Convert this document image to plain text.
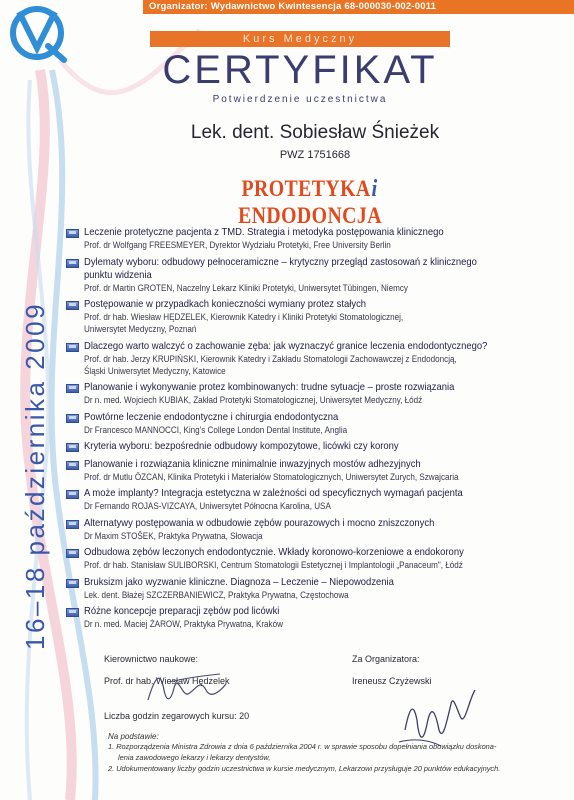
Organizator: Wydawnictwo Kwintesencja 68-000030-002-0011
Kurs Medyczny
CERTYFIKAT
Potwierdzenie uczestnictwa
Lek. dent. Sobiesław Śnieżek
PWZ 1751668
PROTETYKAiENDODONCJA
16–18 października 2009
Leczenie protetyczne pacjenta z TMD. Strategia i metodyka postępowania klinicznego
Prof. dr Wolfgang FREESMEYER, Dyrektor Wydziału Protetyki, Free University Berlin
Dylematy wyboru: odbudowy pełnoceramiczne – krytyczny przegląd zastosowań z klinicznego
punktu widzenia
Prof. dr Martin GROTEN, Naczelny Lekarz Kliniki Protetyki, Uniwersytet Tübingen, Niemcy
Postępowanie w przypadkach konieczności wymiany protez stałych
Prof. dr hab. Wiesław HĘDZELEK, Kierownik Katedry i Kliniki Protetyki Stomatologicznej,
Uniwersytet Medyczny, Poznań
Dlaczego warto walczyć o zachowanie zęba: jak wyznaczyć granice leczenia endodontycznego?
Prof. dr hab. Jerzy KRUPIŃSKI, Kierownik Katedry i Zakładu Stomatologii Zachowawczej z Endodoncją,
Śląski Uniwersytet Medyczny, Katowice
Planowanie i wykonywanie protez kombinowanych: trudne sytuacje – proste rozwiązania
Dr n. med. Wojciech KUBIAK, Zakład Protetyki Stomatologicznej, Uniwersytet Medyczny, Łódź
Powtórne leczenie endodontyczne i chirurgia endodontyczna
Dr Francesco MANNOCCI, King's College London Dental Institute, Anglia
Kryteria wyboru: bezpośrednie odbudowy kompozytowe, licówki czy korony
Planowanie i rozwiązania kliniczne minimalnie inwazyjnych mostów adhezyjnych
Prof. dr Mutlu ÖZCAN, Klinika Protetyki i Materiałów Stomatologicznych, Uniwersytet Zurych, Szwajcaria
A może implanty? Integracja estetyczna w zależności od specyficznych wymagań pacjenta
Dr Fernando ROJAS-VIZCAYA, Uniwersytet Północna Karolina, USA
Alternatywy postępowania w odbudowie zębów pourazowych i mocno zniszczonych
Dr Maxim STOŠEK, Praktyka Prywatna, Słowacja
Odbudowa zębów leczonych endodontycznie. Wkłady koronowo-korzeniowe a endokorony
Prof. dr hab. Stanisław SULIBORSKI, Centrum Stomatologii Estetycznej i Implantologii „Panaceum", Łódź
Bruksizm jako wyzwanie kliniczne. Diagnoza – Leczenie – Niepowodzenia
Lek. dent. Błażej SZCZERBANIEWICZ, Praktyka Prywatna, Częstochowa
Różne koncepcje preparacji zębów pod licówki
Dr n. med. Maciej ŻAROW, Praktyka Prywatna, Kraków
Kierownictwo naukowe:
Prof. dr hab. Wiesław Hędzelek
Za Organizatora:
Ireneusz Czyżewski
Liczba godzin zegarowych kursu: 20
Na podstawie:
1. Rozporządzenia Ministra Zdrowia z dnia 6 października 2004 r. w sprawie sposobu dopełniania obowiązku doskona-
lenia zawodowego lekarzy i lekarzy dentystów,
2. Udokumentowany liczby godzin uczestnictwa w kursie medycznym, Lekarzowi przysługuje 20 punktów edukacyjnych.
